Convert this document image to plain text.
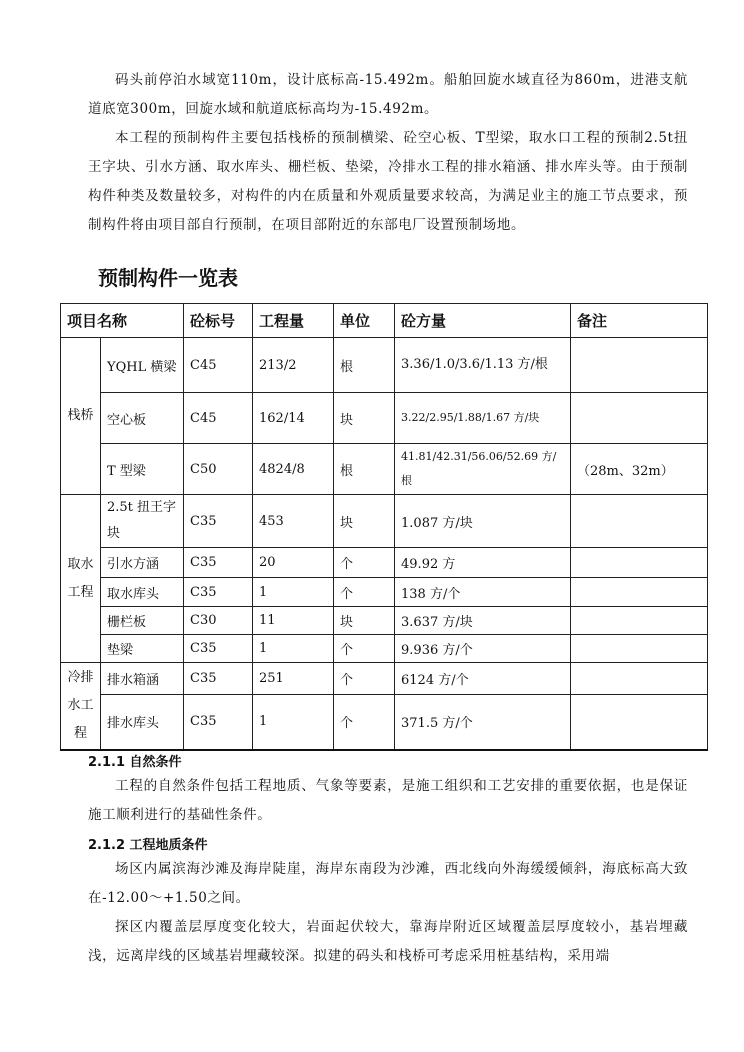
码头前停泊水域宽110m，设计底标高-15.492m。船舶回旋水域直径为860m，进港支航道底宽300m，回旋水域和航道底标高均为-15.492m。
本工程的预制构件主要包括栈桥的预制横梁、砼空心板、T型梁，取水口工程的预制2.5t扭王字块、引水方涵、取水库头、栅栏板、垫梁，冷排水工程的排水箱涵、排水库头等。由于预制构件种类及数量较多，对构件的内在质量和外观质量要求较高，为满足业主的施工节点要求，预制构件将由项目部自行预制，在项目部附近的东部电厂设置预制场地。
预制构件一览表
项目名称		砼标号	工程量	单位	砼方量	备注
栈桥	YQHL 横梁	C45	213/2	根	3.36/1.0/3.6/1.13 方/根	
	空心板	C45	162/14	块	3.22/2.95/1.88/1.67 方/块	
	T 型梁	C50	4824/8	根	41.81/42.31/56.06/52.69 方/根	（28m、32m）
取水工程	2.5t 扭王字块	C35	453	块	1.087 方/块	
	引水方涵	C35	20	个	49.92 方	
	取水库头	C35	1	个	138 方/个	
	栅栏板	C30	11	块	3.637 方/块	
	垫梁	C35	1	个	9.936 方/个	
冷排水工程	排水箱涵	C35	251	个	6124 方/个	
	排水库头	C35	1	个	371.5 方/个	
2.1.1 自然条件
工程的自然条件包括工程地质、气象等要素，是施工组织和工艺安排的重要依据，也是保证施工顺利进行的基础性条件。
2.1.2 工程地质条件
场区内属滨海沙滩及海岸陡崖，海岸东南段为沙滩，西北线向外海缓缓倾斜，海底标高大致在-12.00～+1.50之间。
探区内覆盖层厚度变化较大，岩面起伏较大，靠海岸附近区域覆盖层厚度较小，基岩埋藏浅，远离岸线的区域基岩埋藏较深。拟建的码头和栈桥可考虑采用桩基结构，采用端
